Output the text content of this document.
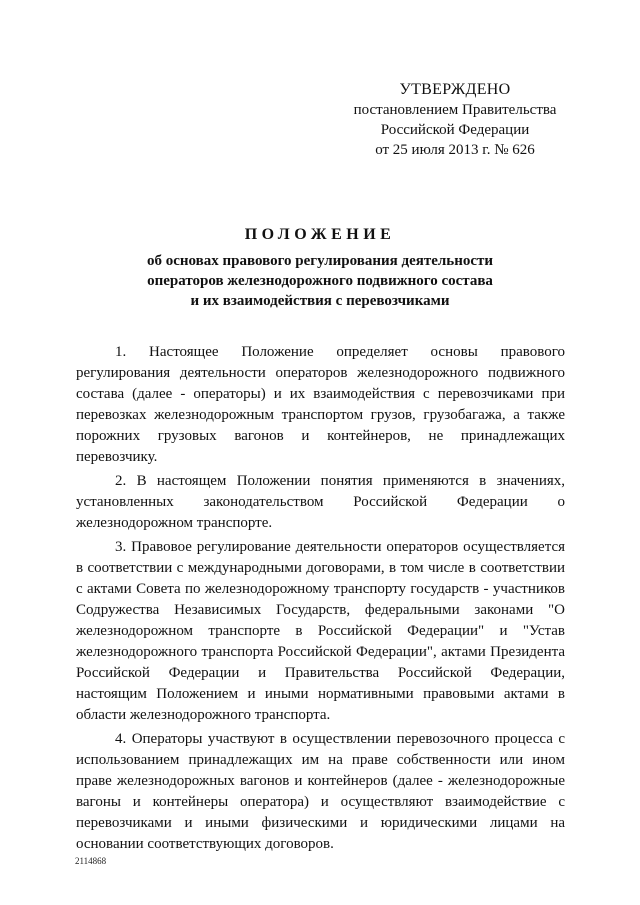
УТВЕРЖДЕНО
постановлением Правительства
Российской Федерации
от 25 июля 2013 г. № 626
ПОЛОЖЕНИЕ
об основах правового регулирования деятельности
операторов железнодорожного подвижного состава
и их взаимодействия с перевозчиками

1. Настоящее Положение определяет основы правового регулирования деятельности операторов железнодорожного подвижного состава (далее - операторы) и их взаимодействия с перевозчиками при перевозках железнодорожным транспортом грузов, грузобагажа, а также порожних грузовых вагонов и контейнеров, не принадлежащих перевозчику.

2. В настоящем Положении понятия применяются в значениях, установленных законодательством Российской Федерации о железнодорожном транспорте.

3. Правовое регулирование деятельности операторов осуществляется в соответствии с международными договорами, в том числе в соответствии с актами Совета по железнодорожному транспорту государств - участников Содружества Независимых Государств, федеральными законами "О железнодорожном транспорте в Российской Федерации" и "Устав железнодорожного транспорта Российской Федерации", актами Президента Российской Федерации и Правительства Российской Федерации, настоящим Положением и иными нормативными правовыми актами в области железнодорожного транспорта.

4. Операторы участвуют в осуществлении перевозочного процесса с использованием принадлежащих им на праве собственности или ином праве железнодорожных вагонов и контейнеров (далее - железнодорожные вагоны и контейнеры оператора) и осуществляют взаимодействие с перевозчиками и иными физическими и юридическими лицами на основании соответствующих договоров.

2114868
